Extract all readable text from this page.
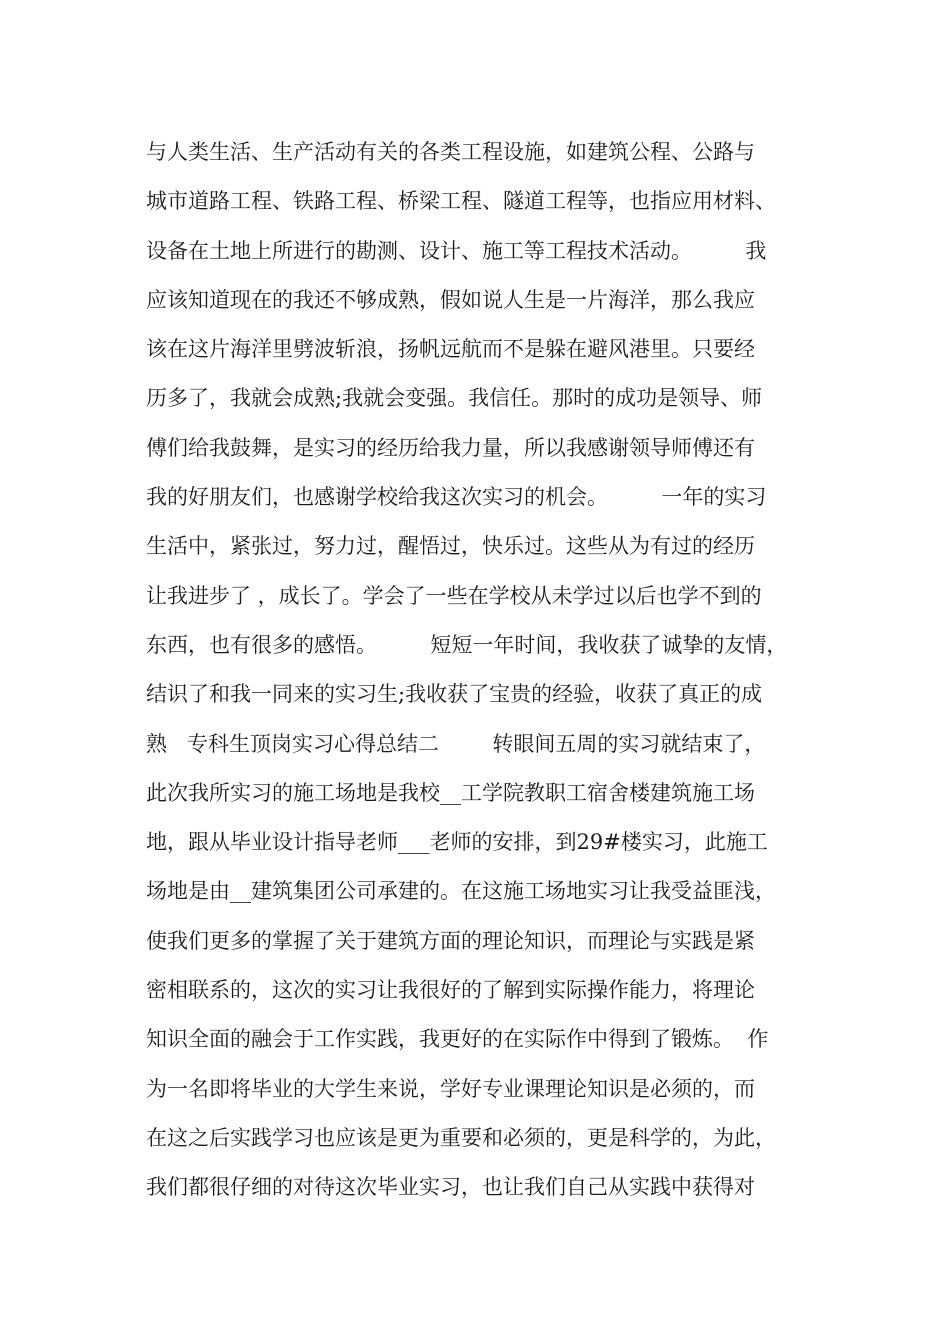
与人类生活、生产活动有关的各类工程设施，如建筑公程、公路与
城市道路工程、铁路工程、桥梁工程、隧道工程等，也指应用材料、
设备在土地上所进行的勘测、设计、施工等工程技术活动。        我
应该知道现在的我还不够成熟，假如说人生是一片海洋，那么我应
该在这片海洋里劈波斩浪，扬帆远航而不是躲在避风港里。只要经
历多了，我就会成熟;我就会变强。我信任。那时的成功是领导、师
傅们给我鼓舞，是实习的经历给我力量，所以我感谢领导师傅还有
我的好朋友们，也感谢学校给我这次实习的机会。        一年的实习
生活中，紧张过，努力过，醒悟过，快乐过。这些从为有过的经历
让我进步了 ，成长了。学会了一些在学校从未学过以后也学不到的
东西，也有很多的感悟。        短短一年时间，我收获了诚挚的友情，
结识了和我一同来的实习生;我收获了宝贵的经验，收获了真正的成
熟   专科生顶岗实习心得总结二        转眼间五周的实习就结束了，
此次我所实习的施工场地是我校__工学院教职工宿舍楼建筑施工场
地，跟从毕业设计指导老师___老师的安排，到29#楼实习，此施工
场地是由__建筑集团公司承建的。在这施工场地实习让我受益匪浅，
使我们更多的掌握了关于建筑方面的理论知识，而理论与实践是紧
密相联系的，这次的实习让我很好的了解到实际操作能力，将理论
知识全面的融会于工作实践，我更好的在实际作中得到了锻炼。  作
为一名即将毕业的大学生来说，学好专业课理论知识是必须的，而
在这之后实践学习也应该是更为重要和必须的，更是科学的，为此，
我们都很仔细的对待这次毕业实习，也让我们自己从实践中获得对
